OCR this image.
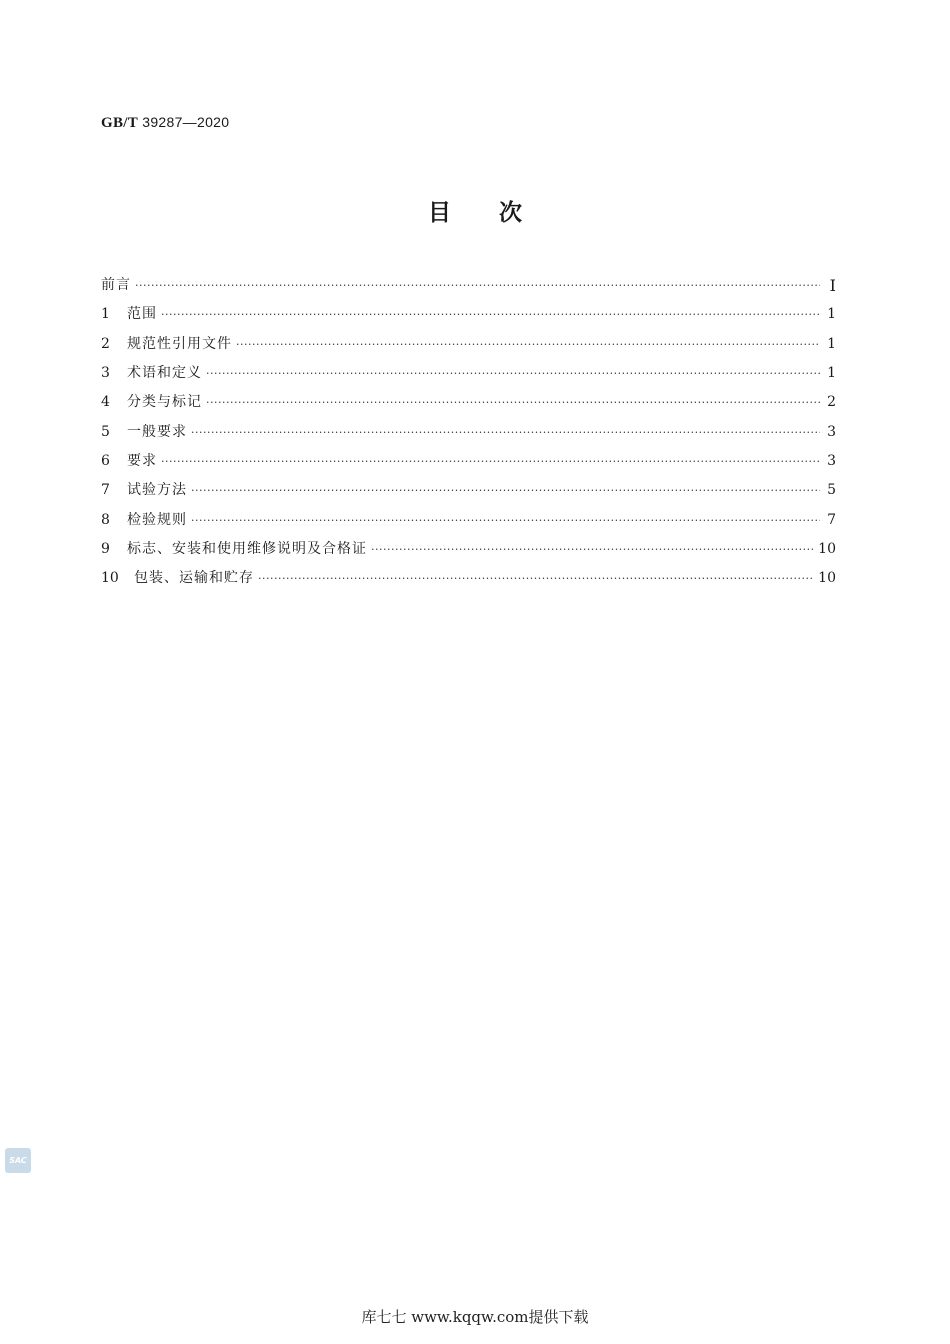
GB/T 39287—2020
目次
前言 ·····	I
1	范围 ·····	1
2	规范性引用文件 ·····	1
3	术语和定义 ·····	1
4	分类与标记 ·····	2
5	一般要求 ·····	3
6	要求 ·····	3
7	试验方法 ·····	5
8	检验规则 ·····	7
9	标志、安装和使用维修说明及合格证 ·····	10
10	包装、运输和贮存 ·····	10
SAC
库七七 www.kqqw.com提供下载
